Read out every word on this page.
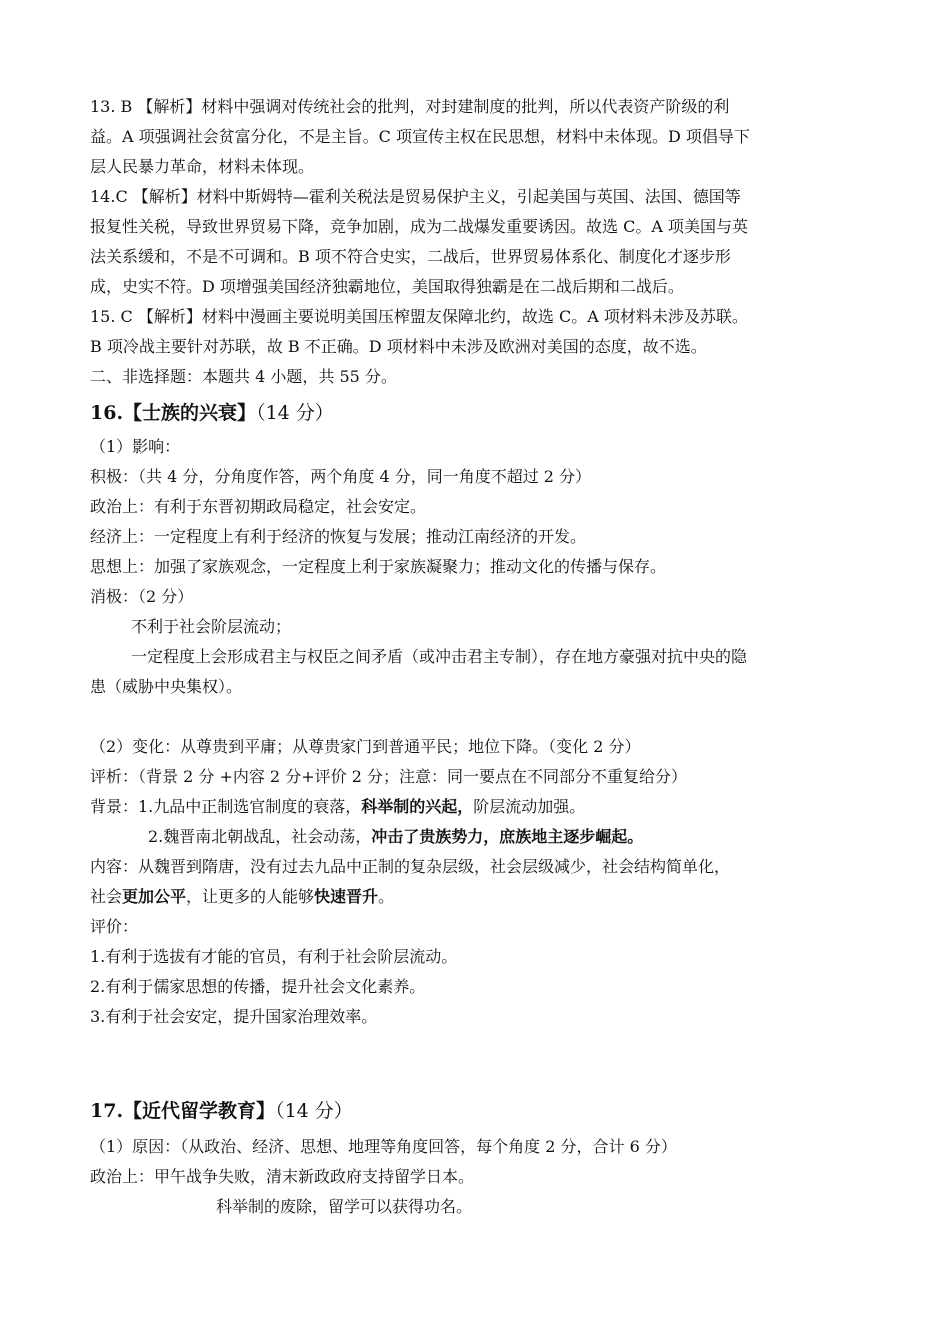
13. B 【解析】材料中强调对传统社会的批判，对封建制度的批判，所以代表资产阶级的利
益。A 项强调社会贫富分化，不是主旨。C 项宣传主权在民思想，材料中未体现。D 项倡导下
层人民暴力革命，材料未体现。
14.C 【解析】材料中斯姆特—霍利关税法是贸易保护主义，引起美国与英国、法国、德国等
报复性关税，导致世界贸易下降，竞争加剧，成为二战爆发重要诱因。故选 C。A 项美国与英
法关系缓和，不是不可调和。B 项不符合史实，二战后，世界贸易体系化、制度化才逐步形
成，史实不符。D 项增强美国经济独霸地位，美国取得独霸是在二战后期和二战后。
15. C 【解析】材料中漫画主要说明美国压榨盟友保障北约，故选 C。A 项材料未涉及苏联。
B 项冷战主要针对苏联，故 B 不正确。D 项材料中未涉及欧洲对美国的态度，故不选。
二、非选择题：本题共 4 小题，共 55 分。
16.【士族的兴衰】（14 分）
（1）影响：
积极：（共 4 分，分角度作答，两个角度 4 分，同一角度不超过 2 分）
政治上：有利于东晋初期政局稳定，社会安定。
经济上：一定程度上有利于经济的恢复与发展；推动江南经济的开发。
思想上：加强了家族观念，一定程度上利于家族凝聚力；推动文化的传播与保存。
消极：（2 分）
不利于社会阶层流动；
一定程度上会形成君主与权臣之间矛盾（或冲击君主专制），存在地方豪强对抗中央的隐
患（威胁中央集权）。
（2）变化：从尊贵到平庸；从尊贵家门到普通平民；地位下降。（变化 2 分）
评析：（背景 2 分 +内容 2 分+评价 2 分；注意：同一要点在不同部分不重复给分）
背景：1.九品中正制选官制度的衰落，科举制的兴起，阶层流动加强。
2.魏晋南北朝战乱，社会动荡，冲击了贵族势力，庶族地主逐步崛起。
内容：从魏晋到隋唐，没有过去九品中正制的复杂层级，社会层级减少，社会结构简单化，
社会更加公平，让更多的人能够快速晋升。
评价：
1.有利于选拔有才能的官员，有利于社会阶层流动。
2.有利于儒家思想的传播，提升社会文化素养。
3.有利于社会安定，提升国家治理效率。
17.【近代留学教育】（14 分）
（1）原因：（从政治、经济、思想、地理等角度回答，每个角度 2 分，合计 6 分）
政治上：甲午战争失败，清末新政政府支持留学日本。
科举制的废除，留学可以获得功名。
